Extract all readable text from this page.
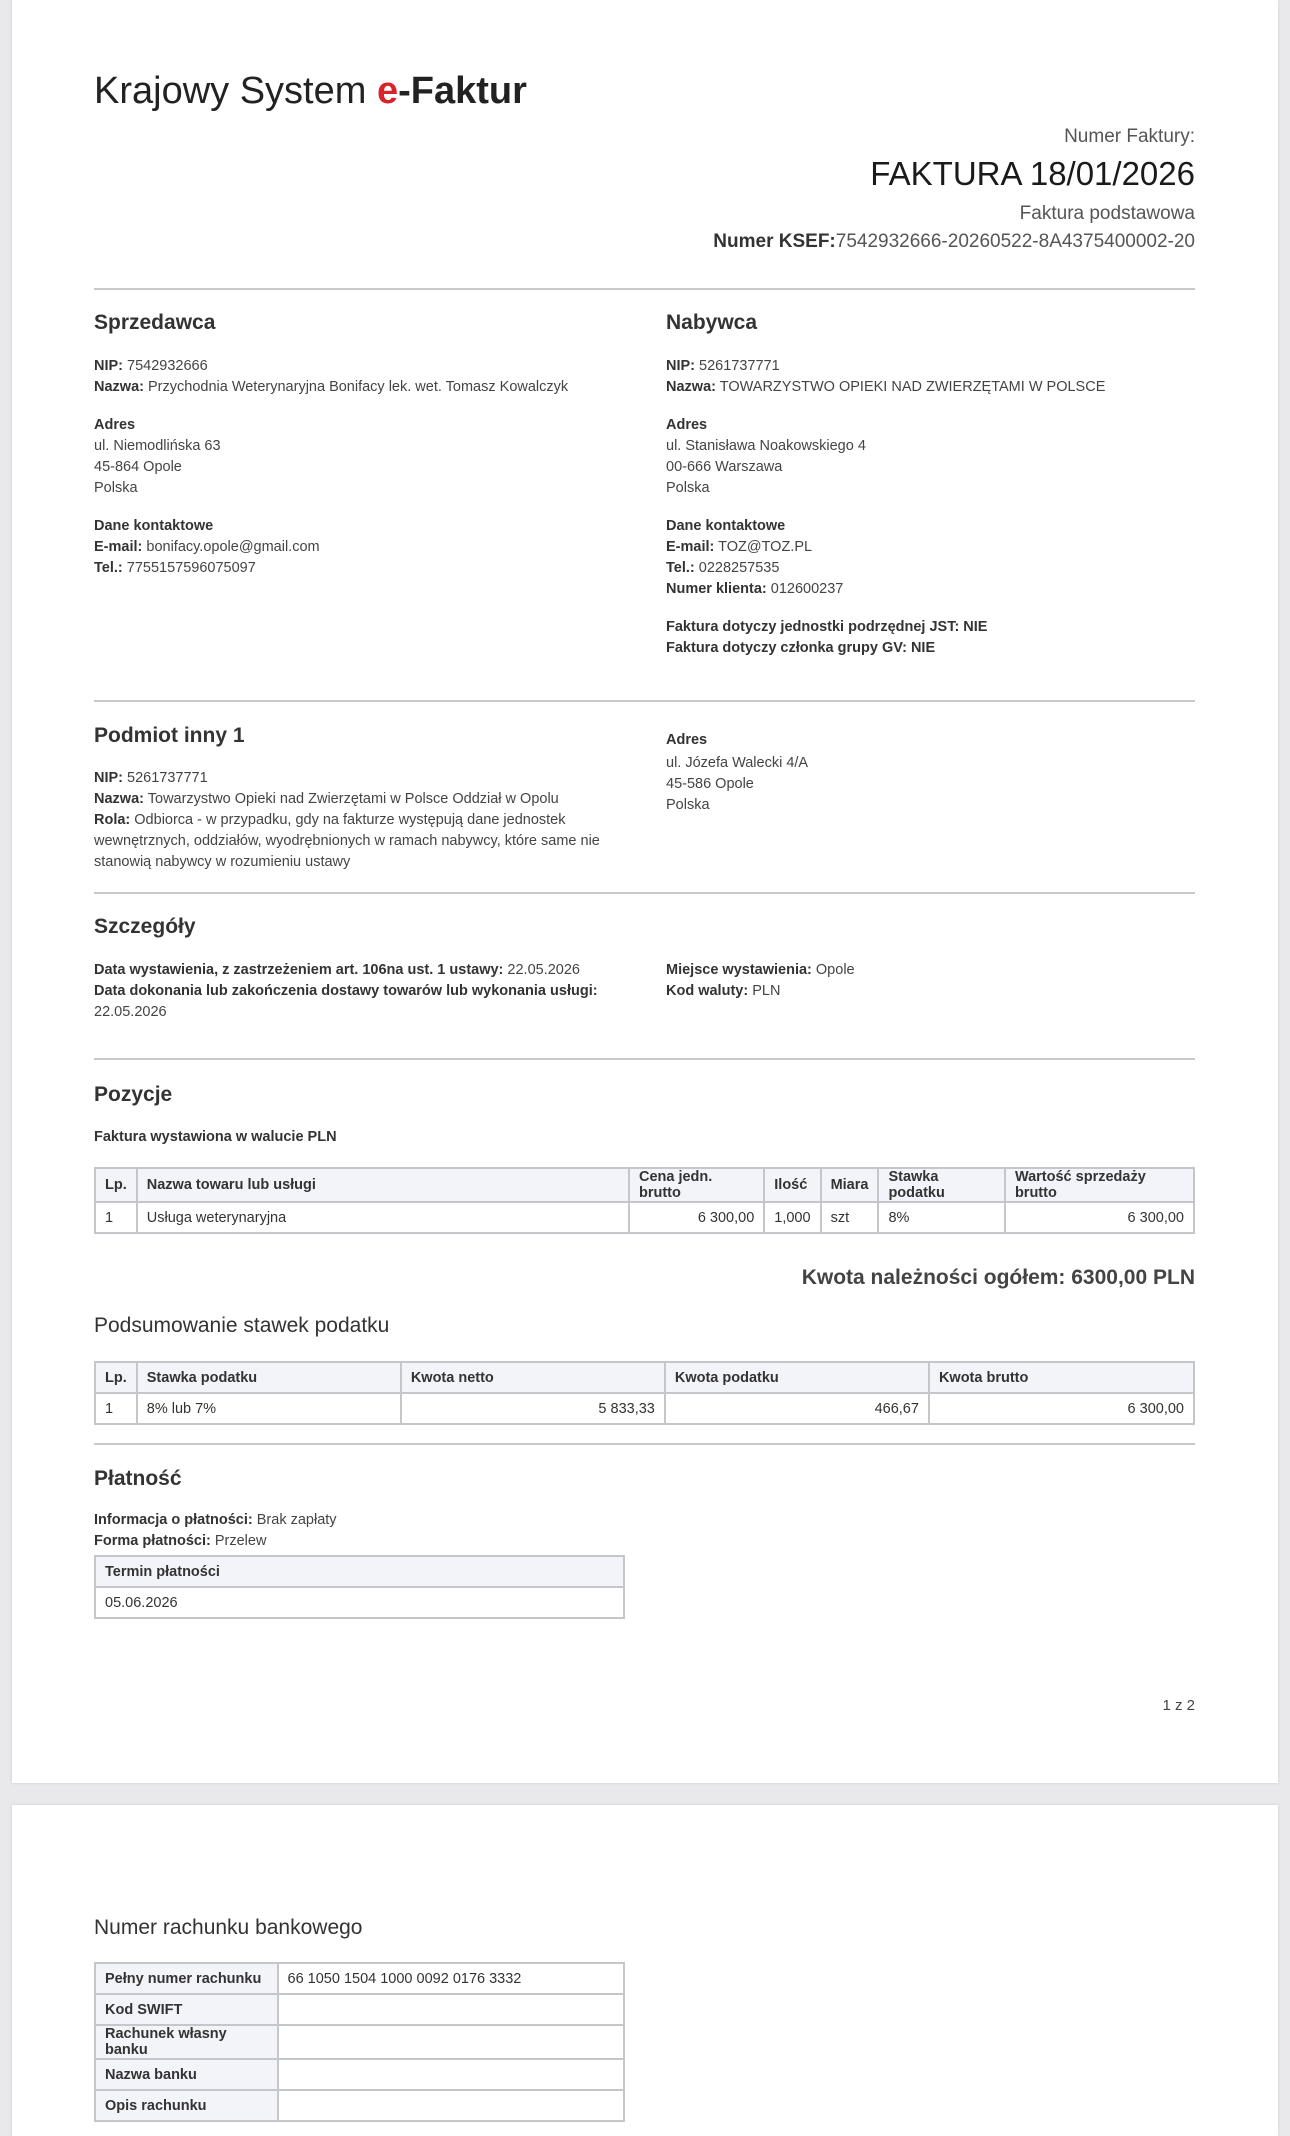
Krajowy System e-Faktur
Numer Faktury:
FAKTURA 18/01/2026
Faktura podstawowa
Numer KSEF:7542932666-20260522-8A4375400002-20
Sprzedawca
NIP: 7542932666
Nazwa: Przychodnia Weterynaryjna Bonifacy lek. wet. Tomasz Kowalczyk
Adres
ul. Niemodlińska 63
45-864 Opole
Polska
Dane kontaktowe
E-mail: bonifacy.opole@gmail.com
Tel.: 7755157596075097
Nabywca
NIP: 5261737771
Nazwa: TOWARZYSTWO OPIEKI NAD ZWIERZĘTAMI W POLSCE
Adres
ul. Stanisława Noakowskiego 4
00-666 Warszawa
Polska
Dane kontaktowe
E-mail: TOZ@TOZ.PL
Tel.: 0228257535
Numer klienta: 012600237
Faktura dotyczy jednostki podrzędnej JST: NIE
Faktura dotyczy członka grupy GV: NIE
Podmiot inny 1
NIP: 5261737771
Nazwa: Towarzystwo Opieki nad Zwierzętami w Polsce Oddział w Opolu
Rola: Odbiorca - w przypadku, gdy na fakturze występują dane jednostek
wewnętrznych, oddziałów, wyodrębnionych w ramach nabywcy, które same nie
stanowią nabywcy w rozumieniu ustawy
Adres
ul. Józefa Walecki 4/A
45-586 Opole
Polska
Szczegóły
Data wystawienia, z zastrzeżeniem art. 106na ust. 1 ustawy: 22.05.2026
Data dokonania lub zakończenia dostawy towarów lub wykonania usługi:
22.05.2026
Miejsce wystawienia: Opole
Kod waluty: PLN
Pozycje
Faktura wystawiona w walucie PLN
Lp.	Nazwa towaru lub usługi	Cena jedn. brutto	Ilość	Miara	Stawka podatku	Wartość sprzedaży brutto
1	Usługa weterynaryjna	6 300,00	1,000	szt	8%	6 300,00
Kwota należności ogółem: 6300,00 PLN
Podsumowanie stawek podatku
Lp.	Stawka podatku	Kwota netto	Kwota podatku	Kwota brutto
1	8% lub 7%	5 833,33	466,67	6 300,00
Płatność
Informacja o płatności: Brak zapłaty
Forma płatności: Przelew
Termin płatności
05.06.2026
1 z 2
Numer rachunku bankowego
Pełny numer rachunku	66 1050 1504 1000 0092 0176 3332
Kod SWIFT	
Rachunek własny banku	
Nazwa banku	
Opis rachunku	
